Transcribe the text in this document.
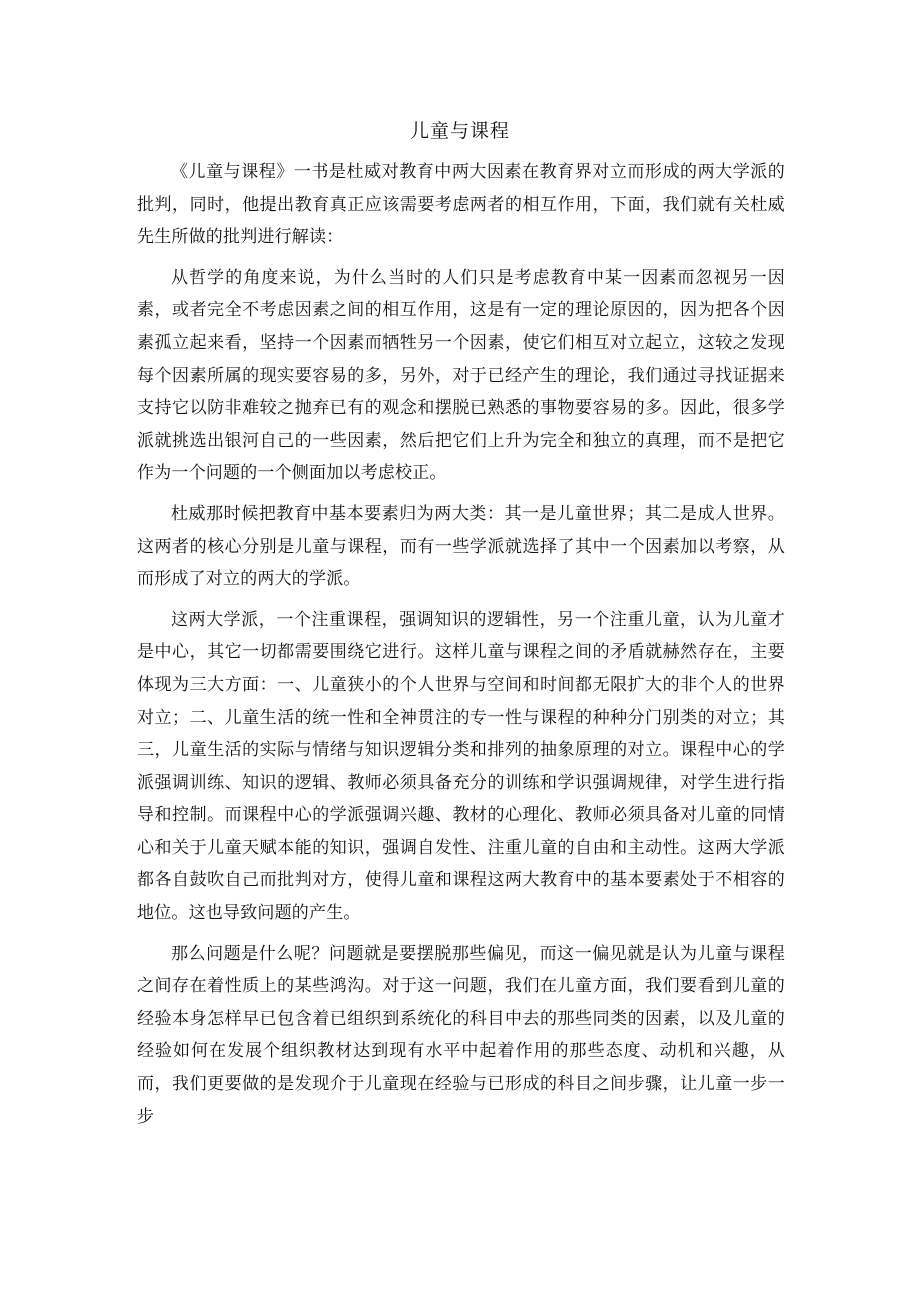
儿童与课程

《儿童与课程》一书是杜威对教育中两大因素在教育界对立而形成的两大学派的批判，同时，他提出教育真正应该需要考虑两者的相互作用，下面，我们就有关杜威先生所做的批判进行解读：

从哲学的角度来说，为什么当时的人们只是考虑教育中某一因素而忽视另一因素，或者完全不考虑因素之间的相互作用，这是有一定的理论原因的，因为把各个因素孤立起来看，坚持一个因素而牺牲另一个因素，使它们相互对立起立，这较之发现每个因素所属的现实要容易的多，另外，对于已经产生的理论，我们通过寻找证据来支持它以防非难较之抛弃已有的观念和摆脱已熟悉的事物要容易的多。因此，很多学派就挑选出银河自己的一些因素，然后把它们上升为完全和独立的真理，而不是把它作为一个问题的一个侧面加以考虑校正。

杜威那时候把教育中基本要素归为两大类：其一是儿童世界；其二是成人世界。这两者的核心分别是儿童与课程，而有一些学派就选择了其中一个因素加以考察，从而形成了对立的两大的学派。

这两大学派，一个注重课程，强调知识的逻辑性，另一个注重儿童，认为儿童才是中心，其它一切都需要围绕它进行。这样儿童与课程之间的矛盾就赫然存在，主要体现为三大方面：一、儿童狭小的个人世界与空间和时间都无限扩大的非个人的世界对立；二、儿童生活的统一性和全神贯注的专一性与课程的种种分门别类的对立；其三，儿童生活的实际与情绪与知识逻辑分类和排列的抽象原理的对立。课程中心的学派强调训练、知识的逻辑、教师必须具备充分的训练和学识强调规律，对学生进行指导和控制。而课程中心的学派强调兴趣、教材的心理化、教师必须具备对儿童的同情心和关于儿童天赋本能的知识，强调自发性、注重儿童的自由和主动性。这两大学派都各自鼓吹自己而批判对方，使得儿童和课程这两大教育中的基本要素处于不相容的地位。这也导致问题的产生。

那么问题是什么呢？问题就是要摆脱那些偏见，而这一偏见就是认为儿童与课程之间存在着性质上的某些鸿沟。对于这一问题，我们在儿童方面，我们要看到儿童的经验本身怎样早已包含着已组织到系统化的科目中去的那些同类的因素，以及儿童的经验如何在发展个组织教材达到现有水平中起着作用的那些态度、动机和兴趣，从而，我们更要做的是发现介于儿童现在经验与已形成的科目之间步骤，让儿童一步一步
